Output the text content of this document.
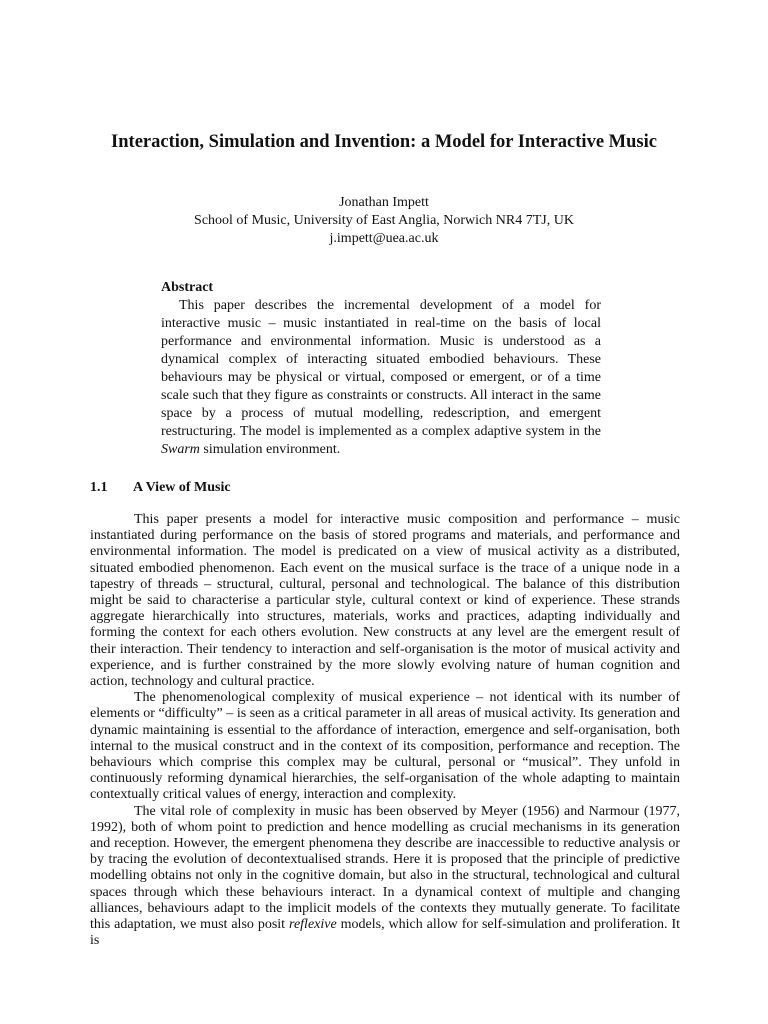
Interaction, Simulation and Invention: a Model for Interactive Music
Jonathan Impett
School of Music, University of East Anglia, Norwich NR4 7TJ, UK
j.impett@uea.ac.uk
Abstract

This paper describes the incremental development of a model for interactive music – music instantiated in real-time on the basis of local performance and environmental information. Music is understood as a dynamical complex of interacting situated embodied behaviours. These behaviours may be physical or virtual, composed or emergent, or of a time scale such that they figure as constraints or constructs. All interact in the same space by a process of mutual modelling, redescription, and emergent restructuring. The model is implemented as a complex adaptive system in the Swarm simulation environment.

1.1 A View of Music

This paper presents a model for interactive music composition and performance – music instantiated during performance on the basis of stored programs and materials, and performance and environmental information. The model is predicated on a view of musical activity as a distributed, situated embodied phenomenon. Each event on the musical surface is the trace of a unique node in a tapestry of threads – structural, cultural, personal and technological. The balance of this distribution might be said to characterise a particular style, cultural context or kind of experience. These strands aggregate hierarchically into structures, materials, works and practices, adapting individually and forming the context for each others evolution. New constructs at any level are the emergent result of their interaction. Their tendency to interaction and self-organisation is the motor of musical activity and experience, and is further constrained by the more slowly evolving nature of human cognition and action, technology and cultural practice.

The phenomenological complexity of musical experience – not identical with its number of elements or “difficulty” – is seen as a critical parameter in all areas of musical activity. Its generation and dynamic maintaining is essential to the affordance of interaction, emergence and self-organisation, both internal to the musical construct and in the context of its composition, performance and reception. The behaviours which comprise this complex may be cultural, personal or “musical”. They unfold in continuously reforming dynamical hierarchies, the self-organisation of the whole adapting to maintain contextually critical values of energy, interaction and complexity.

The vital role of complexity in music has been observed by Meyer (1956) and Narmour (1977, 1992), both of whom point to prediction and hence modelling as crucial mechanisms in its generation and reception. However, the emergent phenomena they describe are inaccessible to reductive analysis or by tracing the evolution of decontextualised strands. Here it is proposed that the principle of predictive modelling obtains not only in the cognitive domain, but also in the structural, technological and cultural spaces through which these behaviours interact. In a dynamical context of multiple and changing alliances, behaviours adapt to the implicit models of the contexts they mutually generate. To facilitate this adaptation, we must also posit reflexive models, which allow for self-simulation and proliferation. It is
